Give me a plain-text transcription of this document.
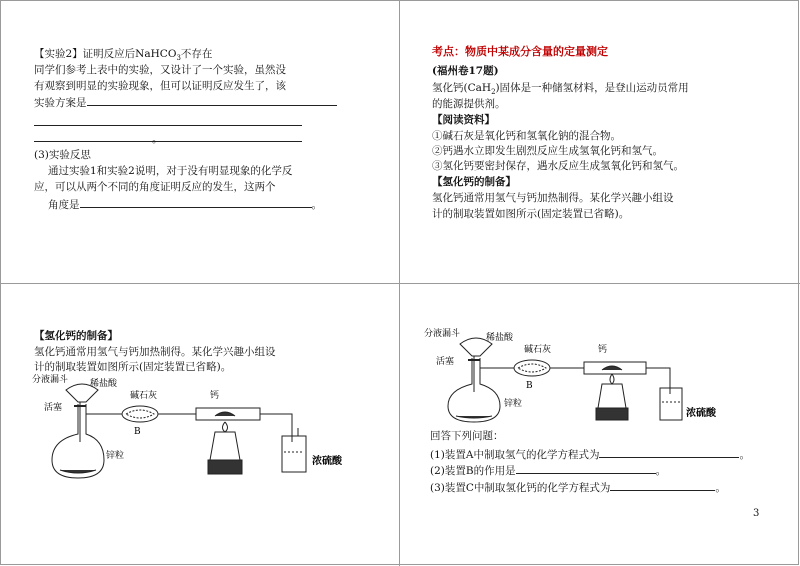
【实验2】证明反应后NaHCO$_3$不存在
同学们参考上表中的实验，又设计了一个实验，虽然没
有观察到明显的实验现象，但可以证明反应发生了，该
实验方案是
。
(3)实验反思
通过实验1和实验2说明，对于没有明显现象的化学反
应，可以从两个不同的角度证明反应的发生，这两个
角度是	。
考点：物质中某成分含量的定量测定
(福州卷17题)
氢化钙(CaH$_2$)固体是一种储氢材料，是登山运动员常用
的能源提供剂。
【阅读资料】
①碱石灰是氧化钙和氢氧化钠的混合物。
②钙遇水立即发生剧烈反应生成氢氧化钙和氢气。
③氢化钙要密封保存，遇水反应生成氢氧化钙和氢气。
【氢化钙的制备】
氢化钙通常用氢气与钙加热制得。某化学兴趣小组设
计的制取装置如图所示(固定装置已省略)。
【氢化钙的制备】
氢化钙通常用氢气与钙加热制得。某化学兴趣小组设
计的制取装置如图所示(固定装置已省略)。
分液漏斗 稀盐酸
活塞
碱石灰
B
钙
锌粒	浓硫酸
分液漏斗	稀盐酸
活塞
碱石灰
B
钙
锌粒
浓硫酸
回答下列问题：
(1)装置A中制取氢气的化学方程式为	。
(2)装置B的作用是	。
(3)装置C中制取氢化钙的化学方程式为	。
3
